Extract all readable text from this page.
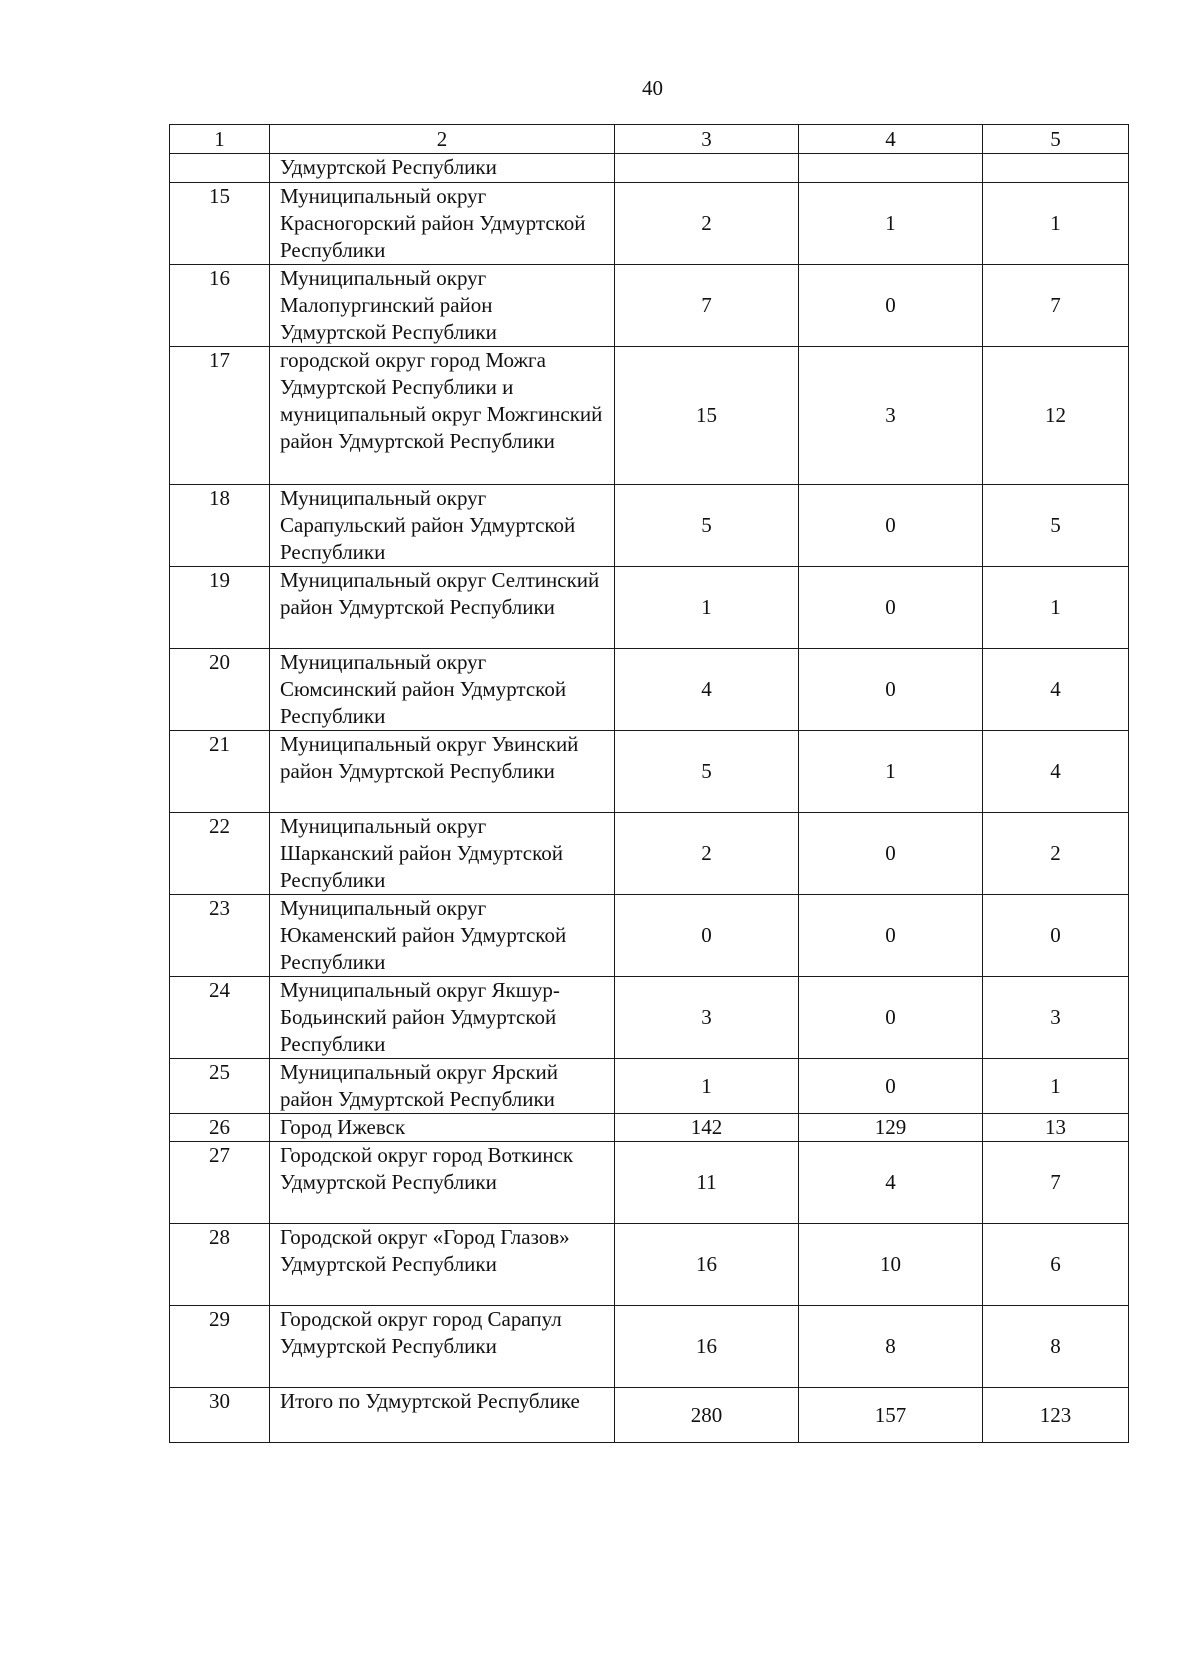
40
1	2	3	4	5
	Удмуртской Республики			
15	Муниципальный округ Красногорский район Удмуртской Республики	2	1	1
16	Муниципальный округ Малопургинский район Удмуртской Республики	7	0	7
17	городской округ город Можга Удмуртской Республики и муниципальный округ Можгинский район Удмуртской Республики	15	3	12
18	Муниципальный округ Сарапульский район Удмуртской Республики	5	0	5
19	Муниципальный округ Селтинский район Удмуртской Республики	1	0	1
20	Муниципальный округ Сюмсинский район Удмуртской Республики	4	0	4
21	Муниципальный округ Увинский район Удмуртской Республики	5	1	4
22	Муниципальный округ Шарканский район Удмуртской Республики	2	0	2
23	Муниципальный округ Юкаменский район Удмуртской Республики	0	0	0
24	Муниципальный округ Якшур-Бодьинский район Удмуртской Республики	3	0	3
25	Муниципальный округ Ярский район Удмуртской Республики	1	0	1
26	Город Ижевск	142	129	13
27	Городской округ город Воткинск Удмуртской Республики	11	4	7
28	Городской округ «Город Глазов» Удмуртской Республики	16	10	6
29	Городской округ город Сарапул Удмуртской Республики	16	8	8
30	Итого по Удмуртской Республике	280	157	123
